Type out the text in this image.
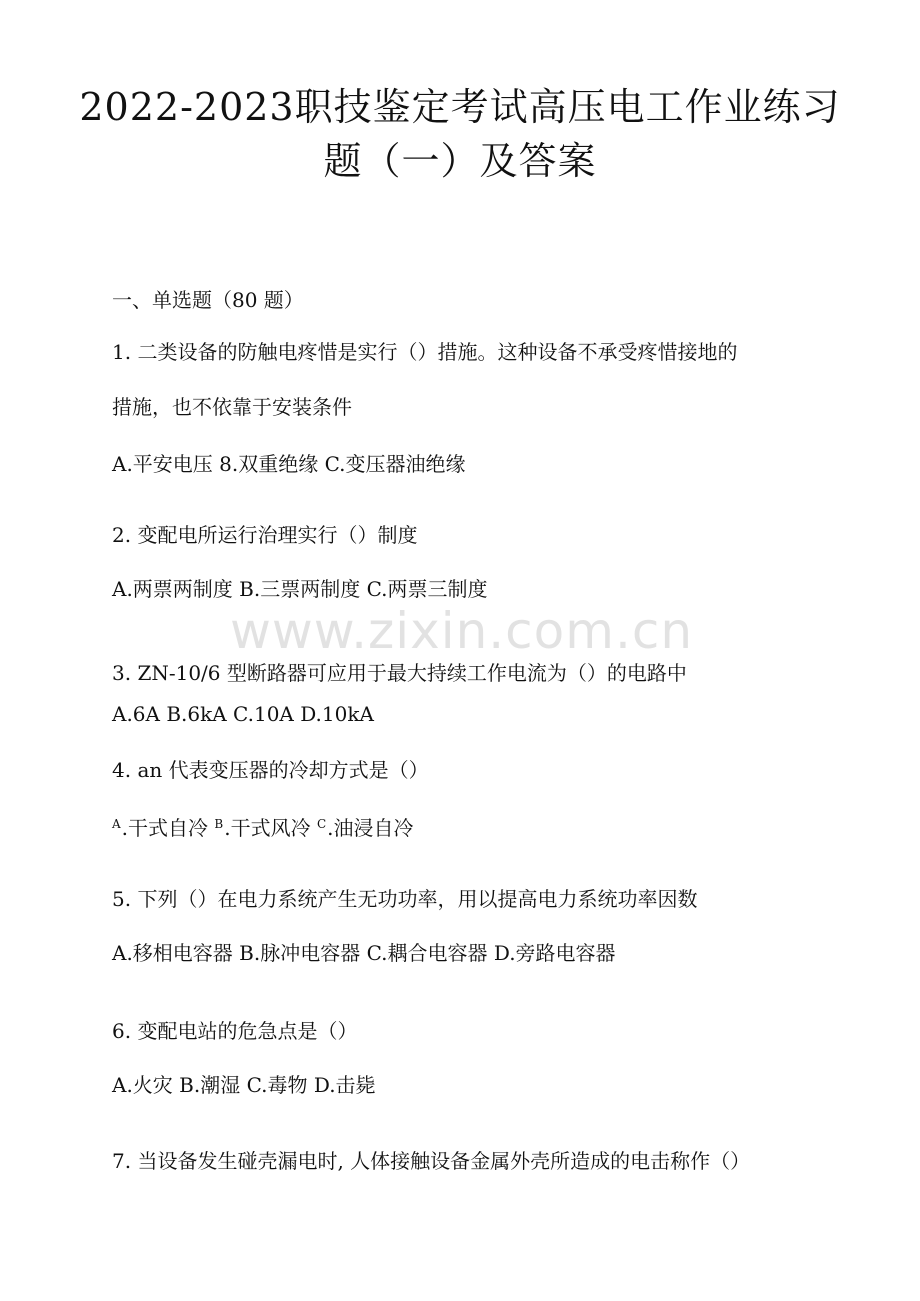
2022-2023职技鉴定考试高压电工作业练习
题（一）及答案
一、单选题（80 题）
1. 二类设备的防触电疼惜是实行（）措施。这种设备不承受疼惜接地的
措施，也不依靠于安装条件
A.平安电压 8.双重绝缘 C.变压器油绝缘
2. 变配电所运行治理实行（）制度
A.两票两制度 B.三票两制度 C.两票三制度
www.zixin.com.cn
3. ZN-10/6 型断路器可应用于最大持续工作电流为（）的电路中
A.6A B.6kA C.10A D.10kA
4. an 代表变压器的冷却方式是（）
$^A$.干式自冷 $^B$.干式风冷 $^C$.油浸自冷
5. 下列（）在电力系统产生无功功率，用以提高电力系统功率因数
A.移相电容器 B.脉冲电容器 C.耦合电容器 D.旁路电容器
6. 变配电站的危急点是（）
A.火灾 B.潮湿 C.毒物 D.击毙
7. 当设备发生碰壳漏电时, 人体接触设备金属外壳所造成的电击称作（）
